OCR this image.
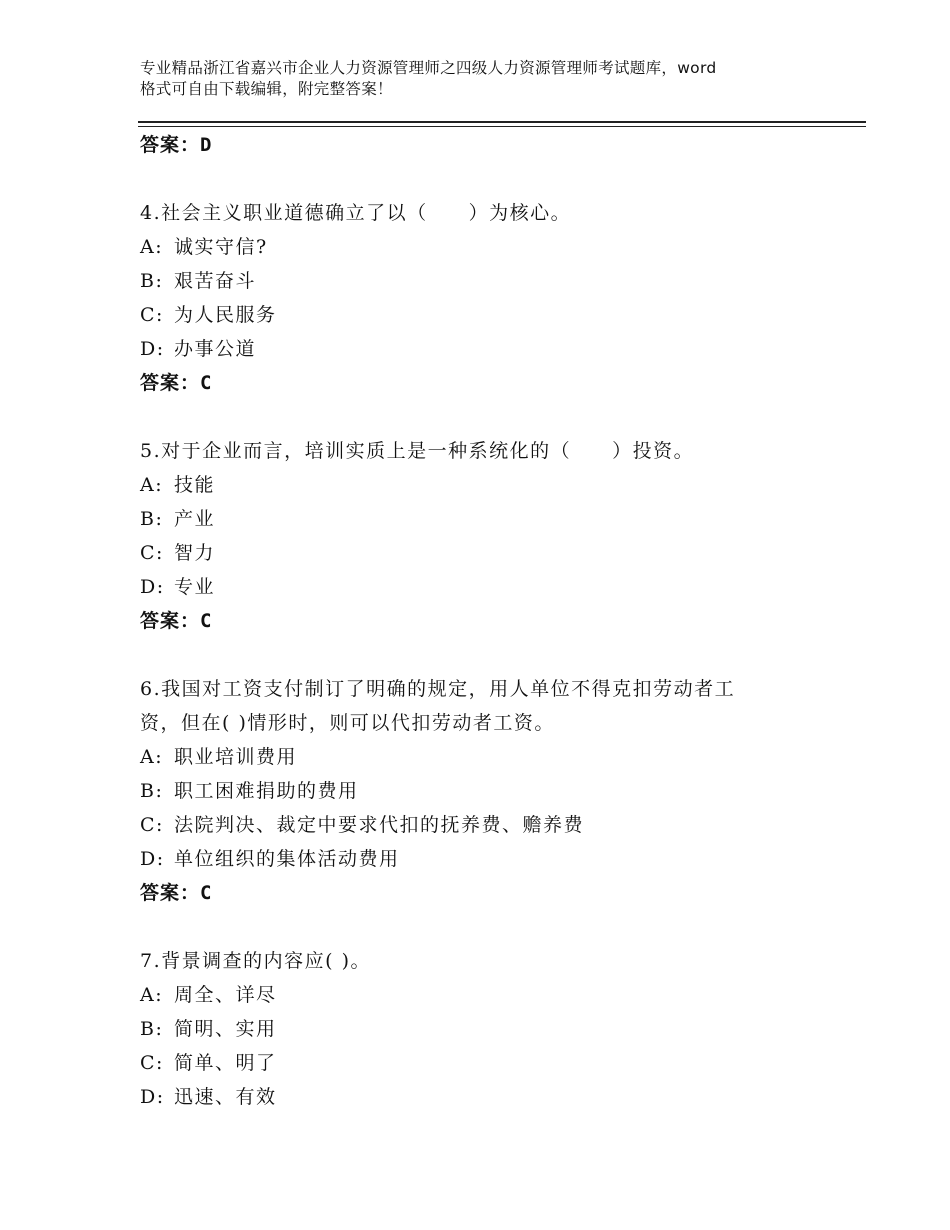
专业精品浙江省嘉兴市企业人力资源管理师之四级人力资源管理师考试题库，word
格式可自由下载编辑，附完整答案！
答案：D
4.社会主义职业道德确立了以（　　）为核心。
A: 诚实守信?
B: 艰苦奋斗
C: 为人民服务
D: 办事公道
答案：C
5.对于企业而言，培训实质上是一种系统化的（　　）投资。
A: 技能
B: 产业
C: 智力
D: 专业
答案：C
6.我国对工资支付制订了明确的规定，用人单位不得克扣劳动者工
资，但在( )情形时，则可以代扣劳动者工资。
A: 职业培训费用
B: 职工困难捐助的费用
C: 法院判决、裁定中要求代扣的抚养费、赡养费
D: 单位组织的集体活动费用
答案：C
7.背景调查的内容应( )。
A: 周全、详尽
B: 简明、实用
C: 简单、明了
D: 迅速、有效
